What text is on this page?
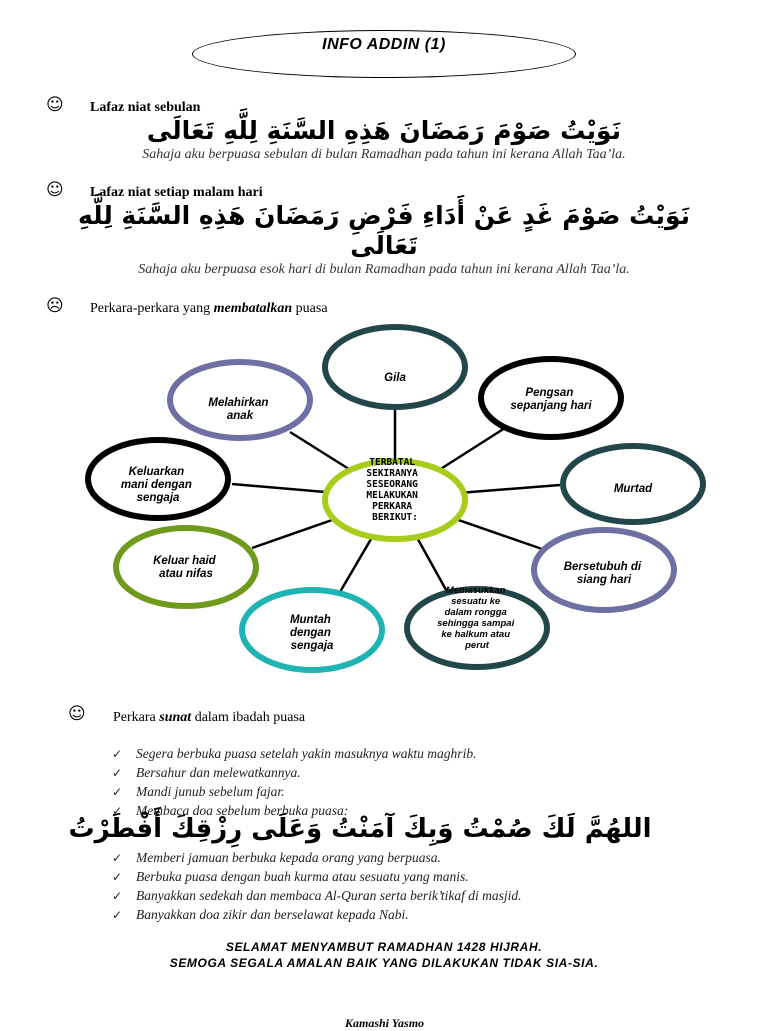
INFO ADDIN (1)
☺ Lafaz niat sebulan
نَوَيْتُ صَوْمَ رَمَضَانَ هَذِهِ السَّنَةِ لِلَّهِ تَعَالَى
Sahaja aku berpuasa sebulan di bulan Ramadhan pada tahun ini kerana Allah Taa’la.
☺ Lafaz niat setiap malam hari
نَوَيْتُ صَوْمَ غَدٍ عَنْ أَدَاءِ فَرْضِ رَمَضَانَ هَذِهِ السَّنَةِ لِلَّهِ
تَعَالَى
Sahaja aku berpuasa esok hari di bulan Ramadhan pada tahun ini kerana Allah Taa’la.
☹ Perkara-perkara yang membatalkan puasa
Gila
Pengsan sepanjang hari
Murtad
Bersetubuh di siang hari
Memasukkan sesuatu ke dalam rongga sehingga sampai ke halkum atau perut
Muntah dengan sengaja
Keluar haid atau nifas
Keluarkan mani dengan sengaja
Melahirkan anak
TERBATAL SEKIRANYA SESEORANG MELAKUKAN PERKARA BERIKUT:
☺ Perkara sunat dalam ibadah puasa
✓ Segera berbuka puasa setelah yakin masuknya waktu maghrib.
✓ Bersahur dan melewatkannya.
✓ Mandi junub sebelum fajar.
✓ Membaca doa sebelum berbuka puasa:
اللهُمَّ لَكَ صُمْتُ وَبِكَ آمَنْتُ وَعَلَى رِزْقِكَ أَفْطَرْتُ
✓ Memberi jamuan berbuka kepada orang yang berpuasa.
✓ Berbuka puasa dengan buah kurma atau sesuatu yang manis.
✓ Banyakkan sedekah dan membaca Al-Quran serta berik’tikaf di masjid.
✓ Banyakkan doa zikir dan berselawat kepada Nabi.
SELAMAT MENYAMBUT RAMADHAN 1428 HIJRAH.
SEMOGA SEGALA AMALAN BAIK YANG DILAKUKAN TIDAK SIA-SIA.
Kamashi Yasmo
